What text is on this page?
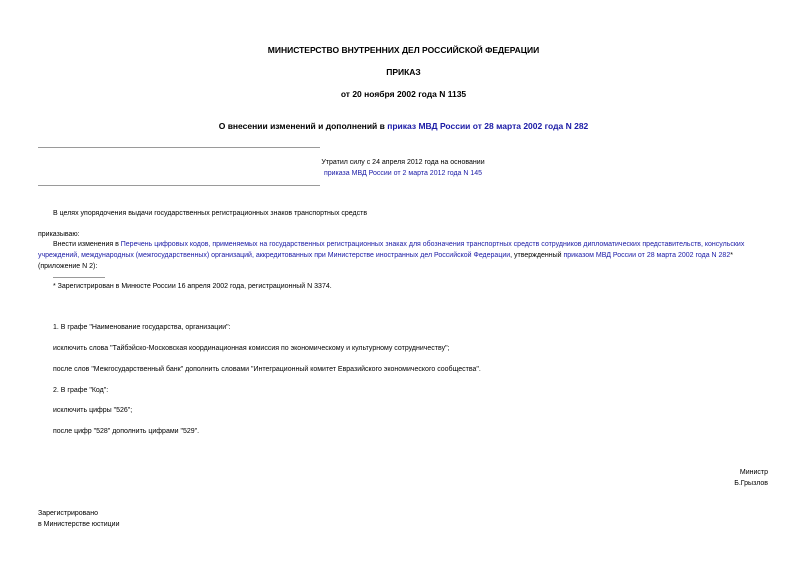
МИНИСТЕРСТВО ВНУТРЕННИХ ДЕЛ РОССИЙСКОЙ ФЕДЕРАЦИИ
ПРИКАЗ
от 20 ноября 2002 года N 1135
О внесении изменений и дополнений в приказ МВД России от 28 марта 2002 года N 282
Утратил силу с 24 апреля 2012 года на основании
приказа МВД России от 2 марта 2012 года N 145
В целях упорядочения выдачи государственных регистрационных знаков транспортных средств
приказываю:
Внести изменения в Перечень цифровых кодов, применяемых на государственных регистрационных знаках для обозначения транспортных средств сотрудников дипломатических представительств, консульских
учреждений, международных (межгосударственных) организаций, аккредитованных при Министерстве иностранных дел Российской Федерации, утвержденный приказом МВД России от 28 марта 2002 года N 282*
(приложение N 2):
* Зарегистрирован в Минюсте России 16 апреля 2002 года, регистрационный N 3374.
1. В графе "Наименование государства, организации":
исключить слова "Тайбэйско-Московская координационная комиссия по экономическому и культурному сотрудничеству";
после слов "Межгосударственный банк" дополнить словами "Интеграционный комитет Евразийского экономического сообщества".
2. В графе "Код":
исключить цифры "526";
после цифр "528" дополнить цифрами "529".
Министр
Б.Грызлов
Зарегистрировано
в Министерстве юстиции
